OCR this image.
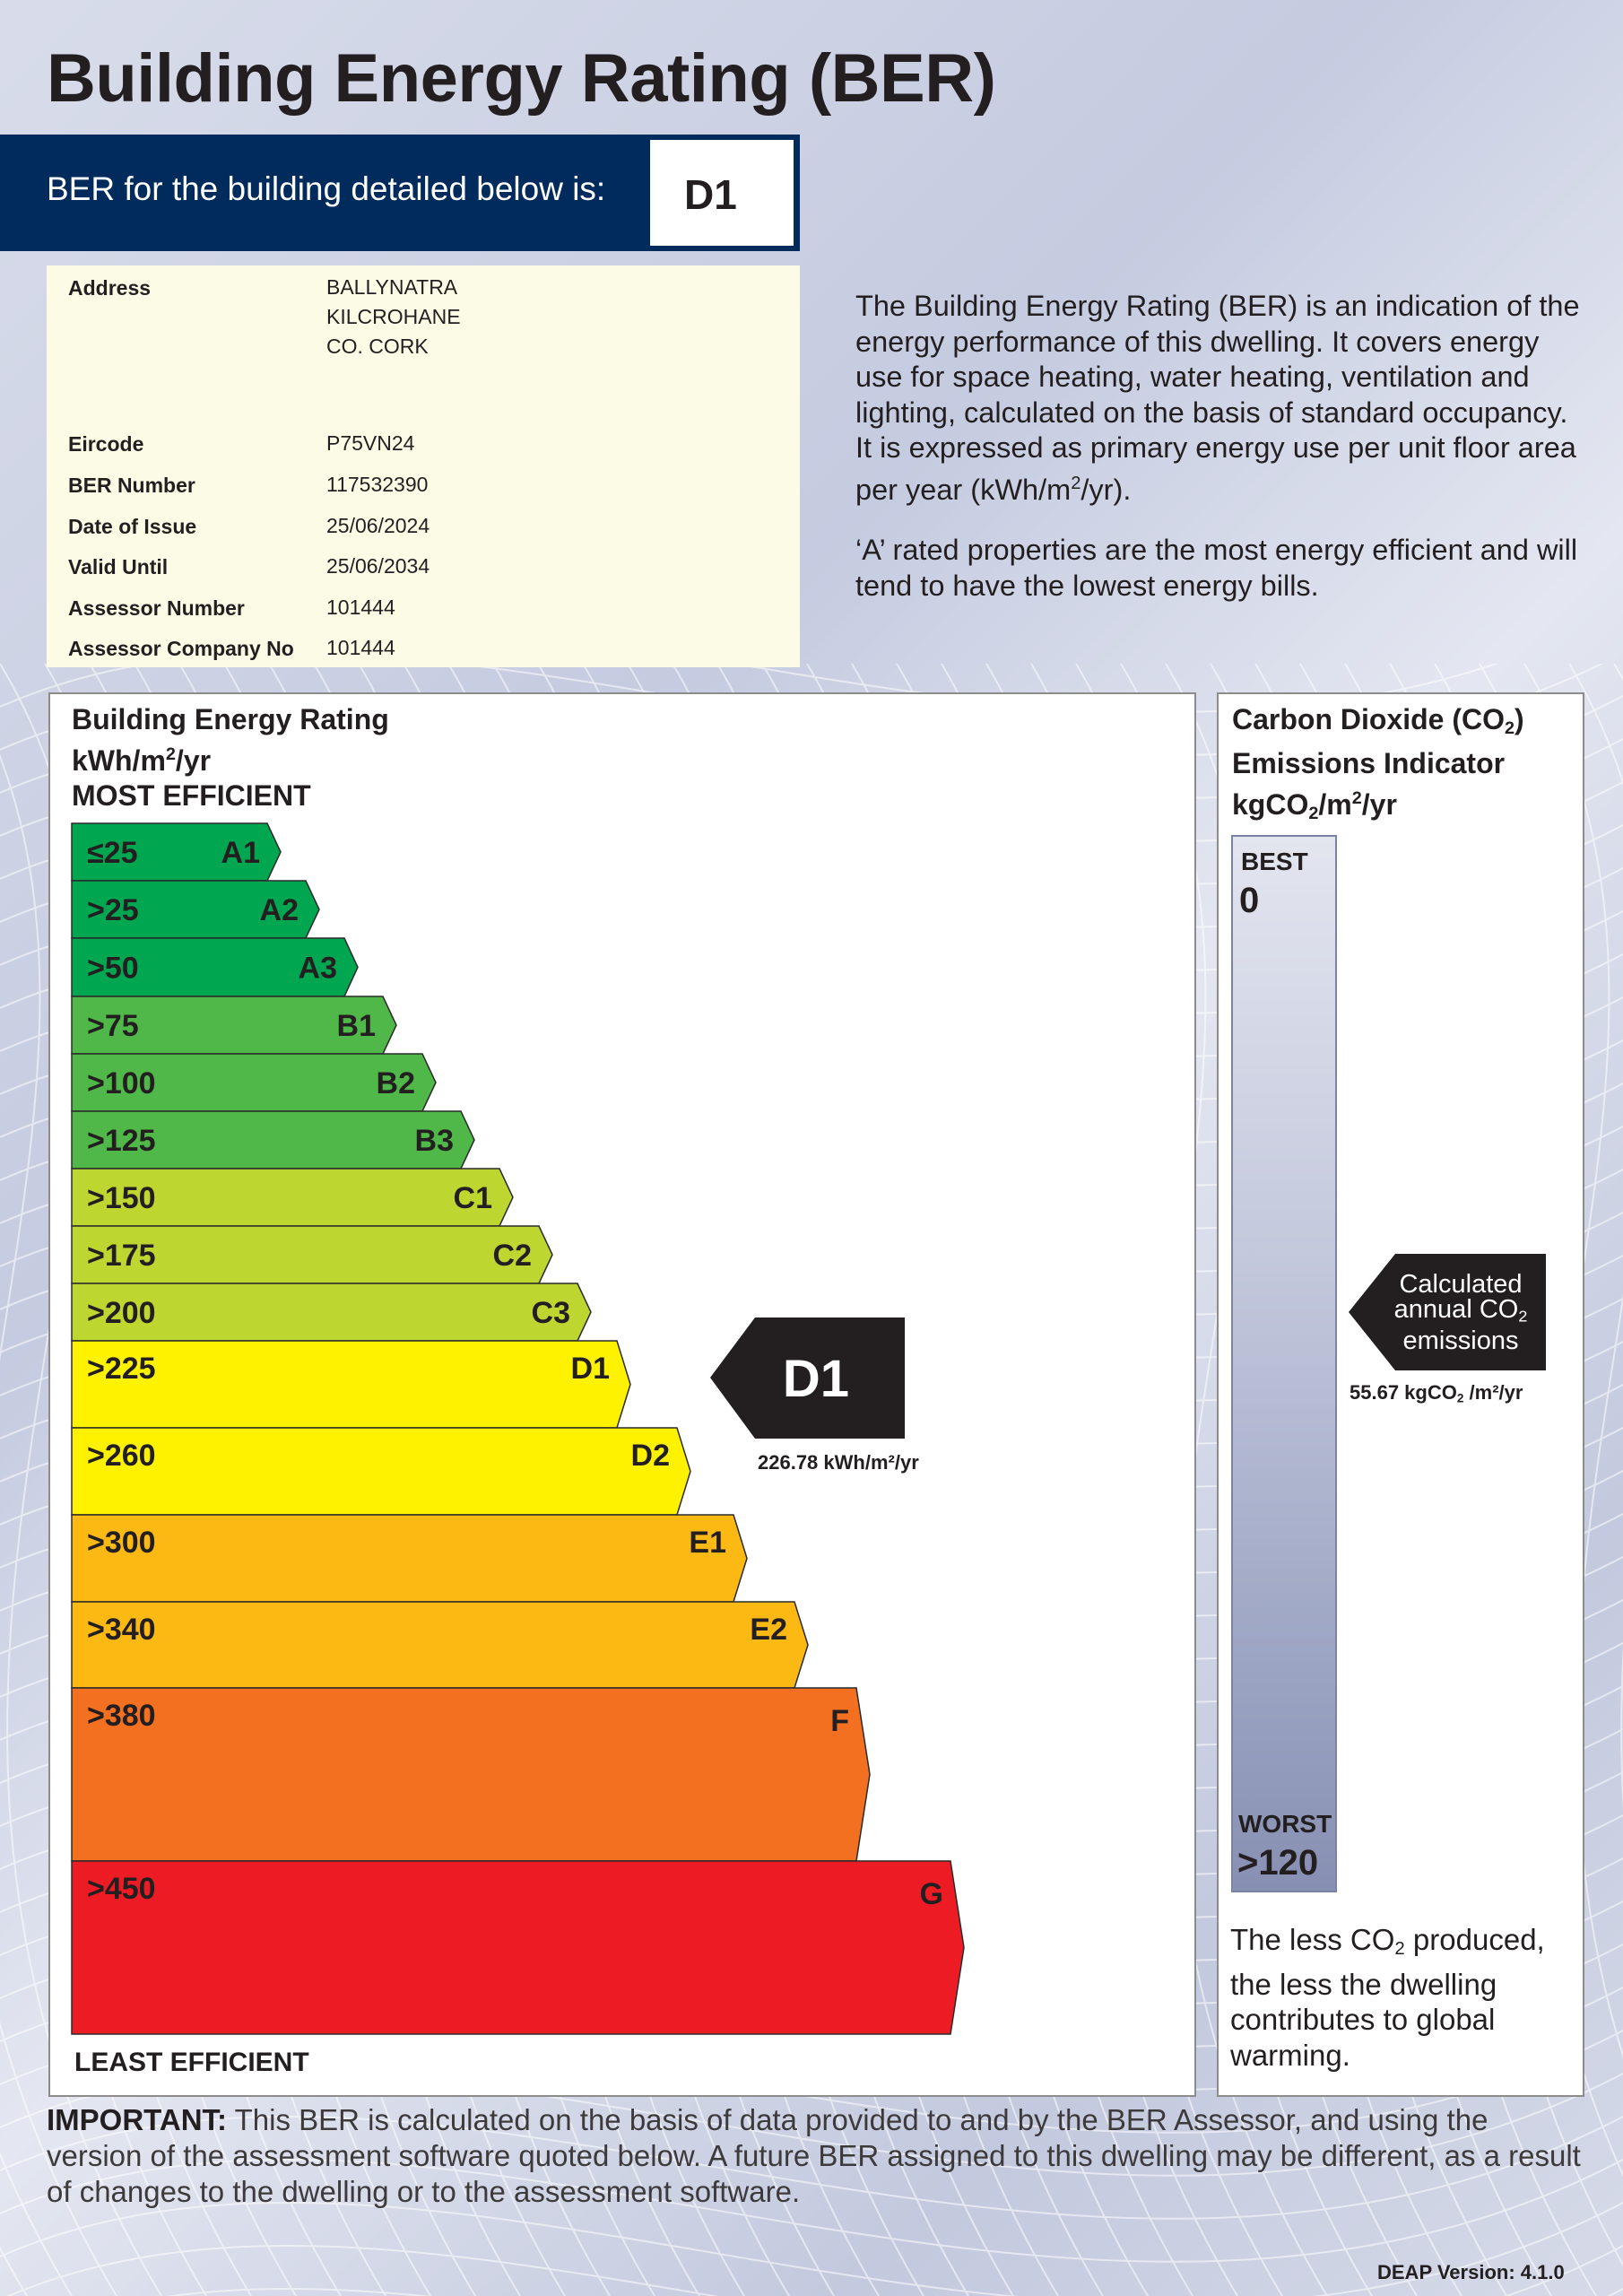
Building Energy Rating (BER)
BER for the building detailed below is: D1
Address	BALLYNATRA
KILCROHANE
CO. CORK
Eircode	P75VN24
BER Number	117532390
Date of Issue	25/06/2024
Valid Until	25/06/2034
Assessor Number	101444
Assessor Company No 101444

The Building Energy Rating (BER) is an indication of the energy performance of this dwelling. It covers energy use for space heating, water heating, ventilation and lighting, calculated on the basis of standard occupancy. It is expressed as primary energy use per unit floor area per year $(kWh/m^2/yr)$.

‘A’ rated properties are the most energy efficient and will tend to have the lowest energy bills.

Building Energy Rating
kWh/$m^2/yr$
MOST EFFICIENT
LEAST EFFICIENT
≤25	A1
>25	A2
>50	A3
>75	B1
>100	B2
>125	B3
>150	C1
>175	C2
>200	C3
>225	D1
>260	D2
>300	E1
>340	E2
>380	F
>450	G
D1
226.78 kWh/m²/yr
Carbon Dioxide $(CO_2)$
Emissions Indicator
$kgCO_2/m^2/yr$
BEST
0
WORST
>120
Calculated
annual $CO_2$
emissions
55.67 kgCO$_2$ /m²/yr
The less $CO_2$ produced, the less the dwelling contributes to global warming.
IMPORTANT: This BER is calculated on the basis of data provided to and by the BER Assessor, and using the version of the assessment software quoted below. A future BER assigned to this dwelling may be different, as a result of changes to the dwelling or to the assessment software.
DEAP Version: 4.1.0
